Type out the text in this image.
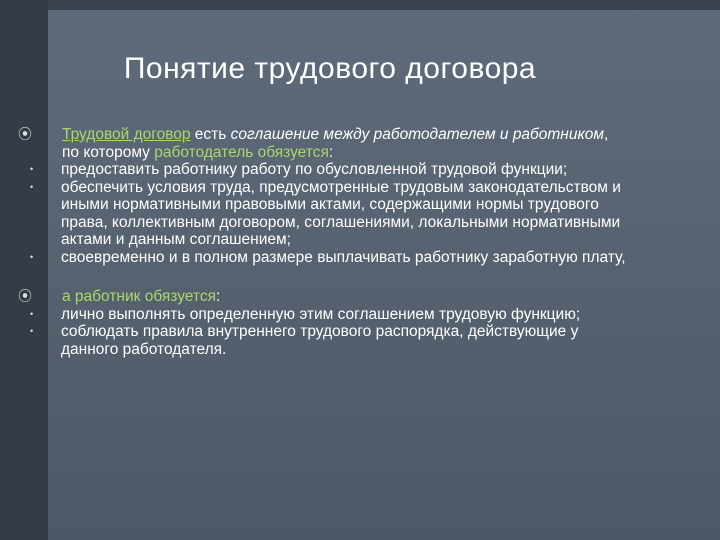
Понятие трудового договора
⦿ Трудовой договор есть соглашение между работодателем и работником, по которому работодатель обязуется:
• предоставить работнику работу по обусловленной трудовой функции;
• обеспечить условия труда, предусмотренные трудовым законодательством и иными нормативными правовыми актами, содержащими нормы трудового права, коллективным договором, соглашениями, локальными нормативными актами и данным соглашением;
• своевременно и в полном размере выплачивать работнику заработную плату,
⦿ а работник обязуется:
• лично выполнять определенную этим соглашением трудовую функцию;
• соблюдать правила внутреннего трудового распорядка, действующие у данного работодателя.
